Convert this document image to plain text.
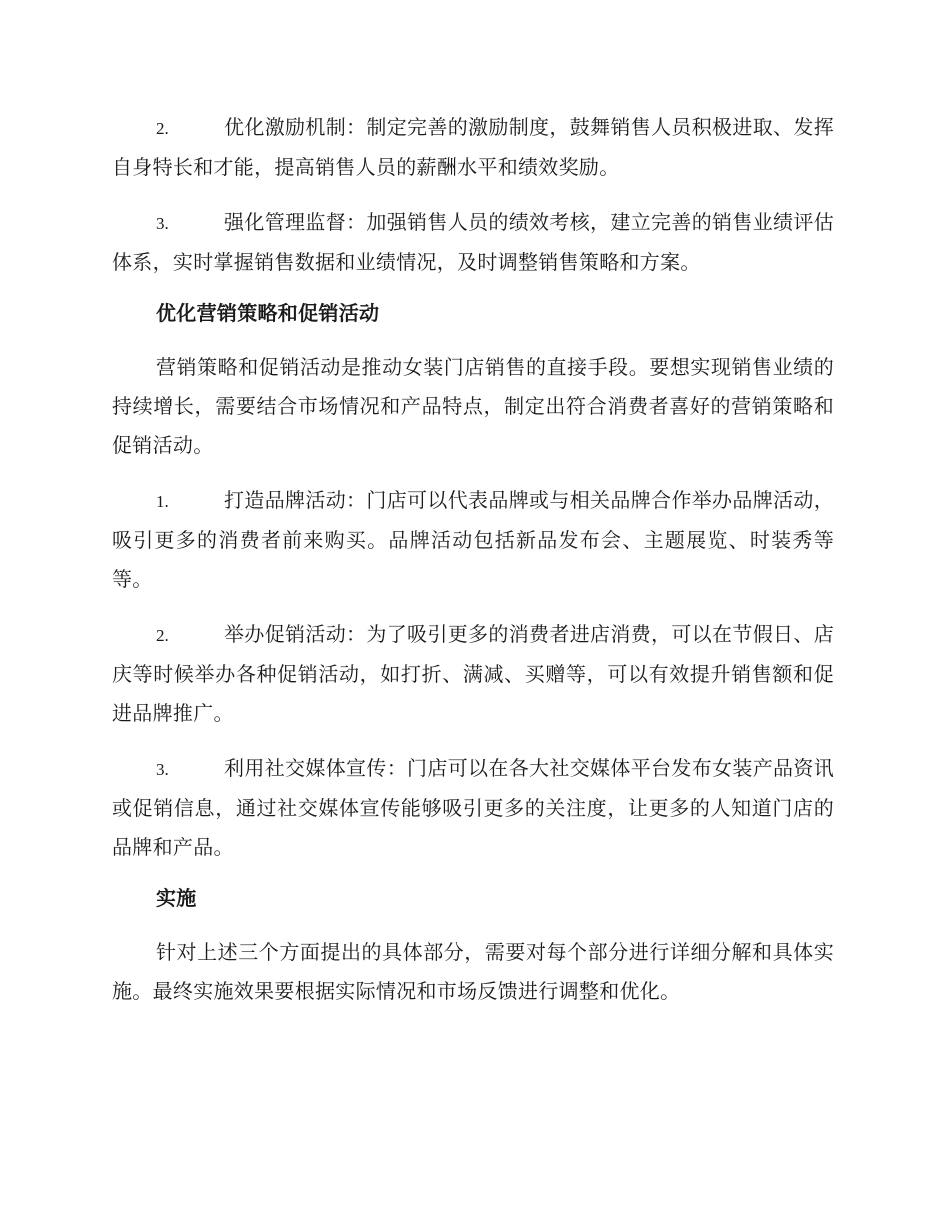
2.	优化激励机制：制定完善的激励制度，鼓舞销售人员积极进取、发挥自身特长和才能，提高销售人员的薪酬水平和绩效奖励。

3.	强化管理监督：加强销售人员的绩效考核，建立完善的销售业绩评估体系，实时掌握销售数据和业绩情况，及时调整销售策略和方案。

优化营销策略和促销活动

营销策略和促销活动是推动女装门店销售的直接手段。要想实现销售业绩的持续增长，需要结合市场情况和产品特点，制定出符合消费者喜好的营销策略和促销活动。

1.	打造品牌活动：门店可以代表品牌或与相关品牌合作举办品牌活动，吸引更多的消费者前来购买。品牌活动包括新品发布会、主题展览、时装秀等等。

2.	举办促销活动：为了吸引更多的消费者进店消费，可以在节假日、店庆等时候举办各种促销活动，如打折、满减、买赠等，可以有效提升销售额和促进品牌推广。

3.	利用社交媒体宣传：门店可以在各大社交媒体平台发布女装产品资讯或促销信息，通过社交媒体宣传能够吸引更多的关注度，让更多的人知道门店的品牌和产品。

实施

针对上述三个方面提出的具体部分，需要对每个部分进行详细分解和具体实施。最终实施效果要根据实际情况和市场反馈进行调整和优化。
